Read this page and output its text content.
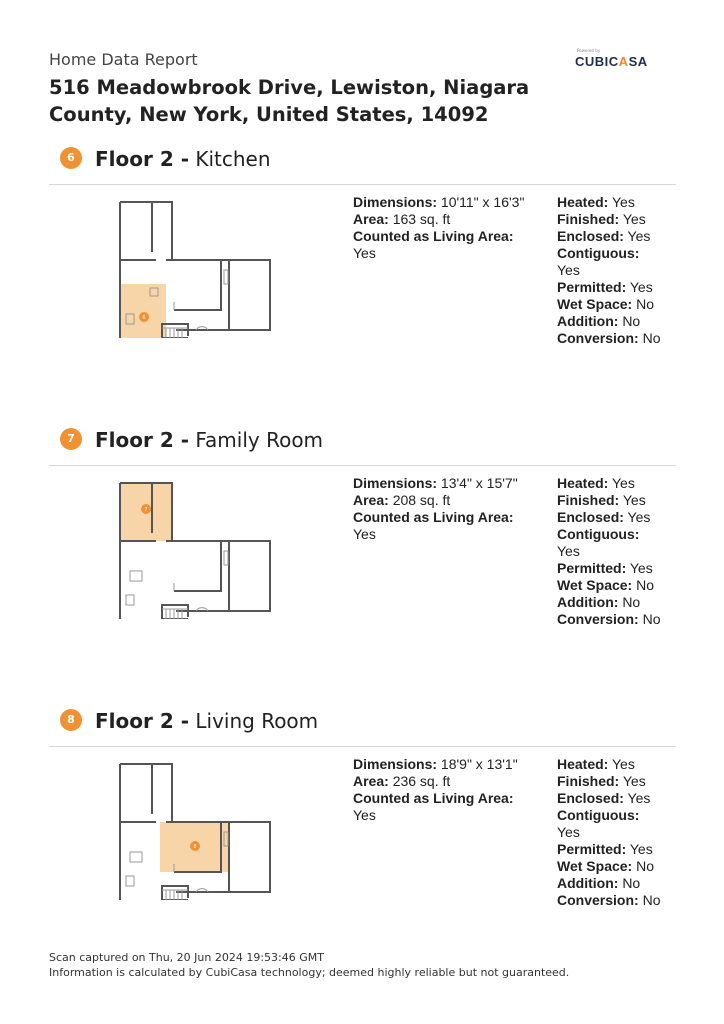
Home Data Report
516 Meadowbrook Drive, Lewiston, Niagara County, New York, United States, 14092
Powered by
CUBICASA
6	Floor 2 - Kitchen
6
Dimensions: 10'11" x 16'3"
Area: 163 sq. ft
Counted as Living Area:
Yes
Heated: Yes
Finished: Yes
Enclosed: Yes
Contiguous:
Yes
Permitted: Yes
Wet Space: No
Addition: No
Conversion: No
7	Floor 2 - Family Room
7
Dimensions: 13'4" x 15'7"
Area: 208 sq. ft
Counted as Living Area:
Yes
Heated: Yes
Finished: Yes
Enclosed: Yes
Contiguous:
Yes
Permitted: Yes
Wet Space: No
Addition: No
Conversion: No
8	Floor 2 - Living Room
8
Dimensions: 18'9" x 13'1"
Area: 236 sq. ft
Counted as Living Area:
Yes
Heated: Yes
Finished: Yes
Enclosed: Yes
Contiguous:
Yes
Permitted: Yes
Wet Space: No
Addition: No
Conversion: No
Scan captured on Thu, 20 Jun 2024 19:53:46 GMT
Information is calculated by CubiCasa technology; deemed highly reliable but not guaranteed.
